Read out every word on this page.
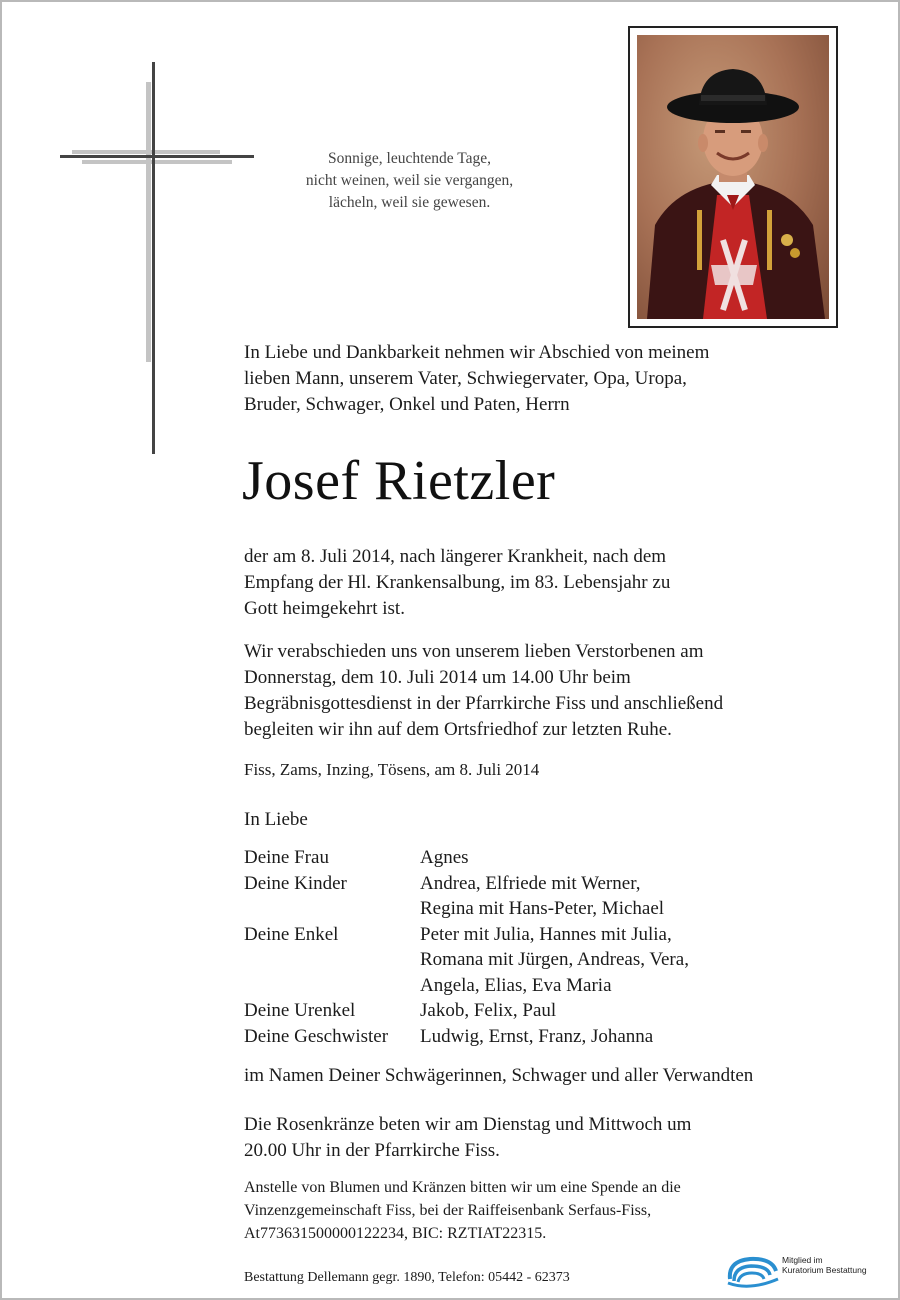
Sonnige, leuchtende Tage,
nicht weinen, weil sie vergangen,
lächeln, weil sie gewesen.
In Liebe und Dankbarkeit nehmen wir Abschied von meinem
lieben Mann, unserem Vater, Schwiegervater, Opa, Uropa,
Bruder, Schwager, Onkel und Paten, Herrn
Josef Rietzler
der am 8. Juli 2014, nach längerer Krankheit, nach dem
Empfang der Hl. Krankensalbung, im 83. Lebensjahr zu
Gott heimgekehrt ist.
Wir verabschieden uns von unserem lieben Verstorbenen am
Donnerstag, dem 10. Juli 2014 um 14.00 Uhr beim
Begräbnisgottesdienst in der Pfarrkirche Fiss und anschließend
begleiten wir ihn auf dem Ortsfriedhof zur letzten Ruhe.
Fiss, Zams, Inzing, Tösens, am 8. Juli 2014
In Liebe
Deine Frau	Agnes
Deine Kinder	Andrea, Elfriede mit Werner,
Regina mit Hans-Peter, Michael
Deine Enkel	Peter mit Julia, Hannes mit Julia,
Romana mit Jürgen, Andreas, Vera,
Angela, Elias, Eva Maria
Deine Urenkel	Jakob, Felix, Paul
Deine Geschwister	Ludwig, Ernst, Franz, Johanna
im Namen Deiner Schwägerinnen, Schwager und aller Verwandten
Die Rosenkränze beten wir am Dienstag und Mittwoch um
20.00 Uhr in der Pfarrkirche Fiss.
Anstelle von Blumen und Kränzen bitten wir um eine Spende an die
Vinzenzgemeinschaft Fiss, bei der Raiffeisenbank Serfaus-Fiss,
At773631500000122234, BIC: RZTIAT22315.
Bestattung Dellemann gegr. 1890, Telefon: 05442 - 62373
Mitglied im
Kuratorium Bestattung
